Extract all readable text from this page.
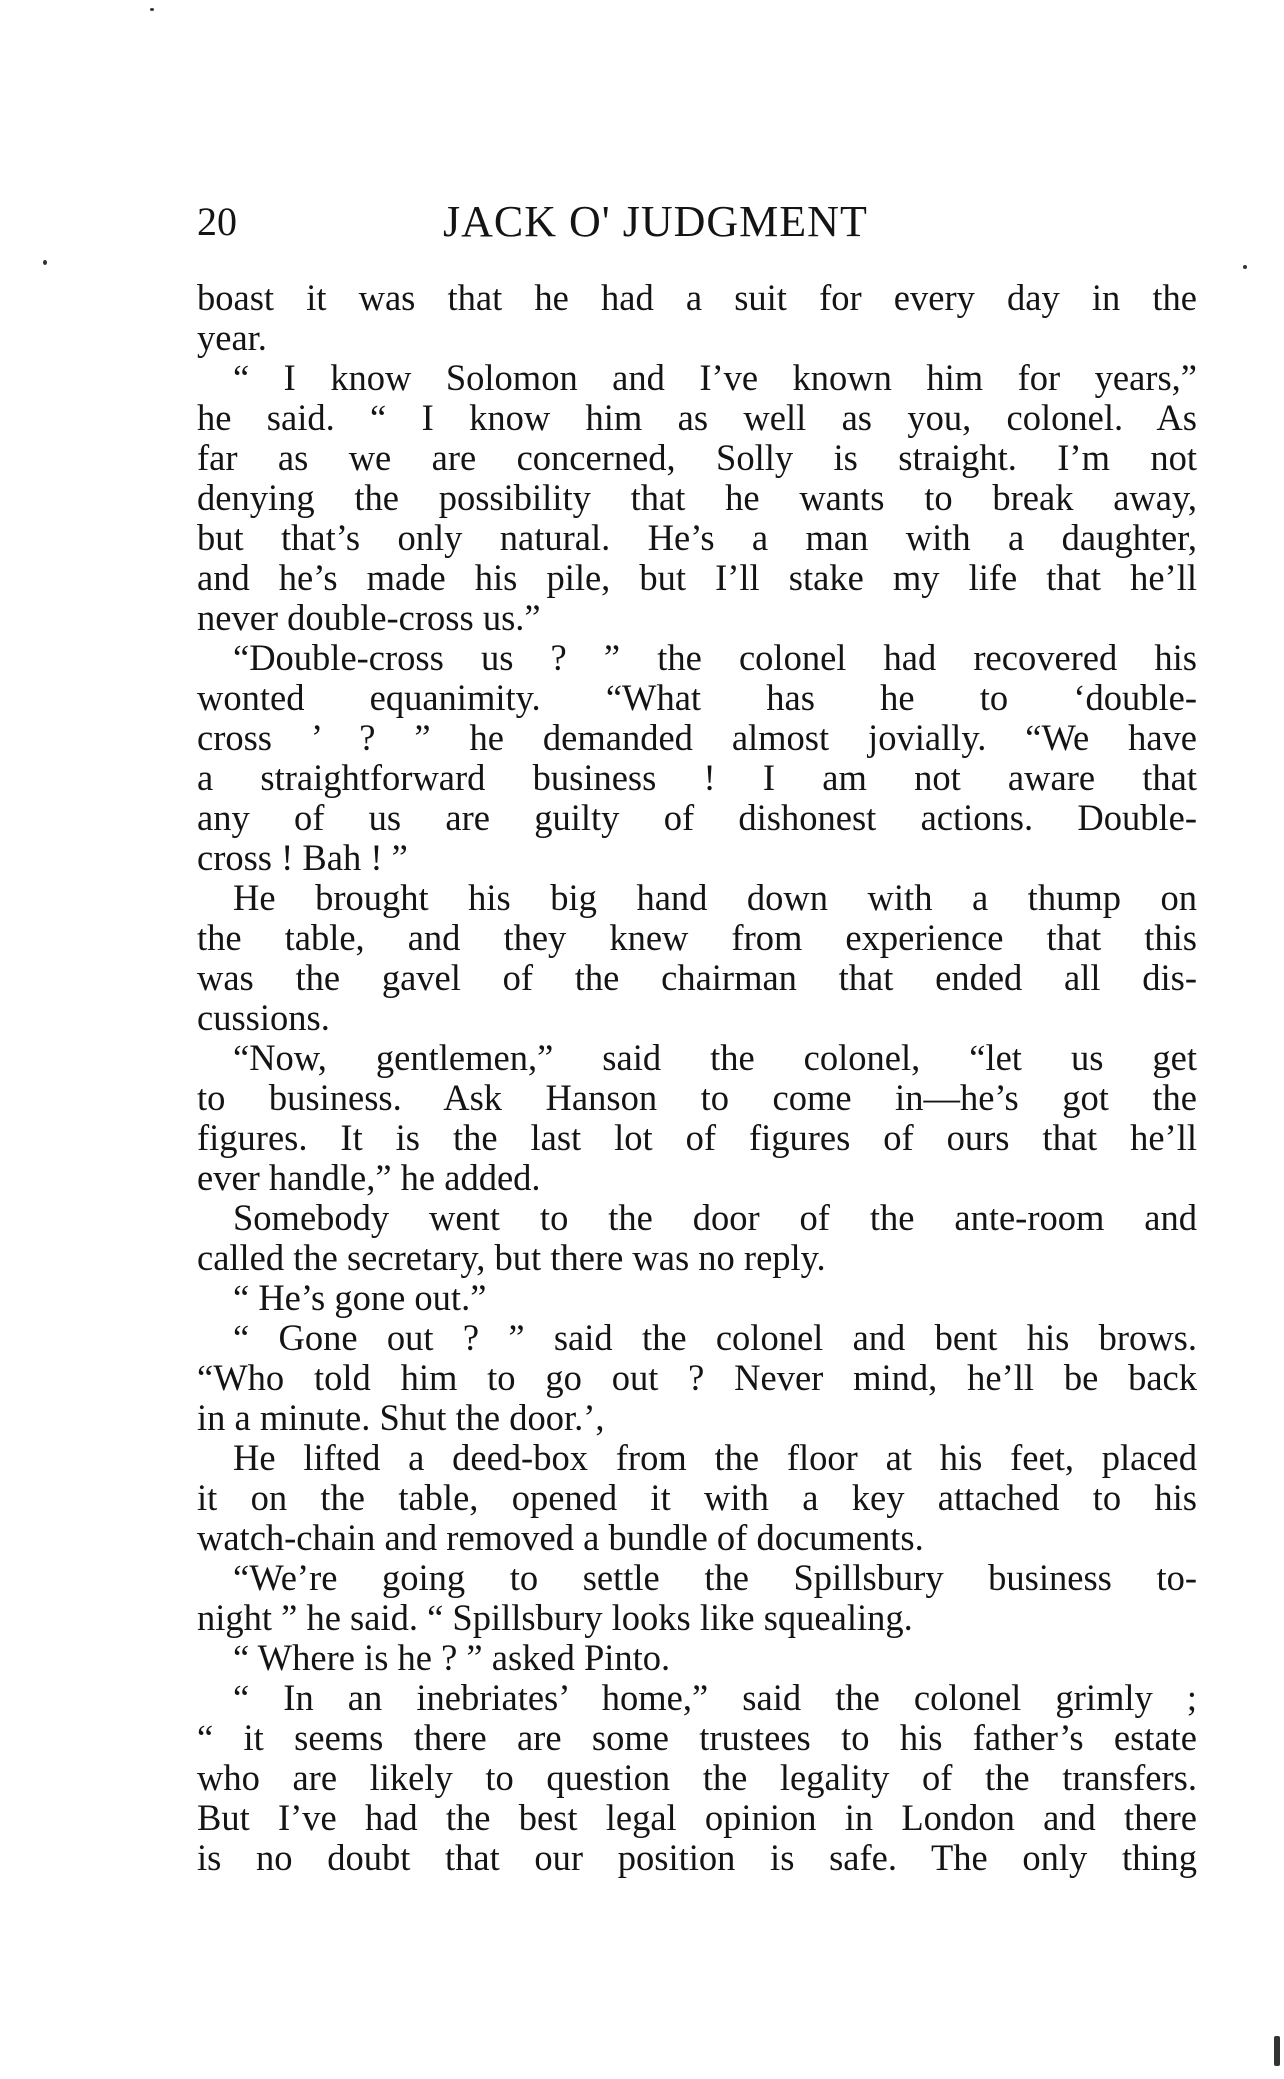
20	JACK O' JUDGMENT
boast it was that he had a suit for every day in the
year.
“ I know Solomon and I’ve known him for years,”
he said. “ I know him as well as you, colonel. As
far as we are concerned, Solly is straight. I’m not
denying the possibility that he wants to break away,
but that’s only natural. He’s a man with a daughter,
and he’s made his pile, but I’ll stake my life that he’ll
never double-cross us.”
“Double-cross us ? ” the colonel had recovered his
wonted equanimity. “What has he to ‘double-
cross ’ ? ” he demanded almost jovially. “We have
a straightforward business ! I am not aware that
any of us are guilty of dishonest actions. Double-
cross ! Bah ! ”
He brought his big hand down with a thump on
the table, and they knew from experience that this
was the gavel of the chairman that ended all dis-
cussions.
“Now, gentlemen,” said the colonel, “let us get
to business. Ask Hanson to come in—he’s got the
figures. It is the last lot of figures of ours that he’ll
ever handle,” he added.
Somebody went to the door of the ante-room and
called the secretary, but there was no reply.
“ He’s gone out.”
“ Gone out ? ” said the colonel and bent his brows.
“Who told him to go out ? Never mind, he’ll be back
in a minute. Shut the door.’,
He lifted a deed-box from the floor at his feet, placed
it on the table, opened it with a key attached to his
watch-chain and removed a bundle of documents.
“We’re going to settle the Spillsbury business to-
night ” he said. “ Spillsbury looks like squealing.
“ Where is he ? ” asked Pinto.
“ In an inebriates’ home,” said the colonel grimly ;
“ it seems there are some trustees to his father’s estate
who are likely to question the legality of the transfers.
But I’ve had the best legal opinion in London and there
is no doubt that our position is safe. The only thing
